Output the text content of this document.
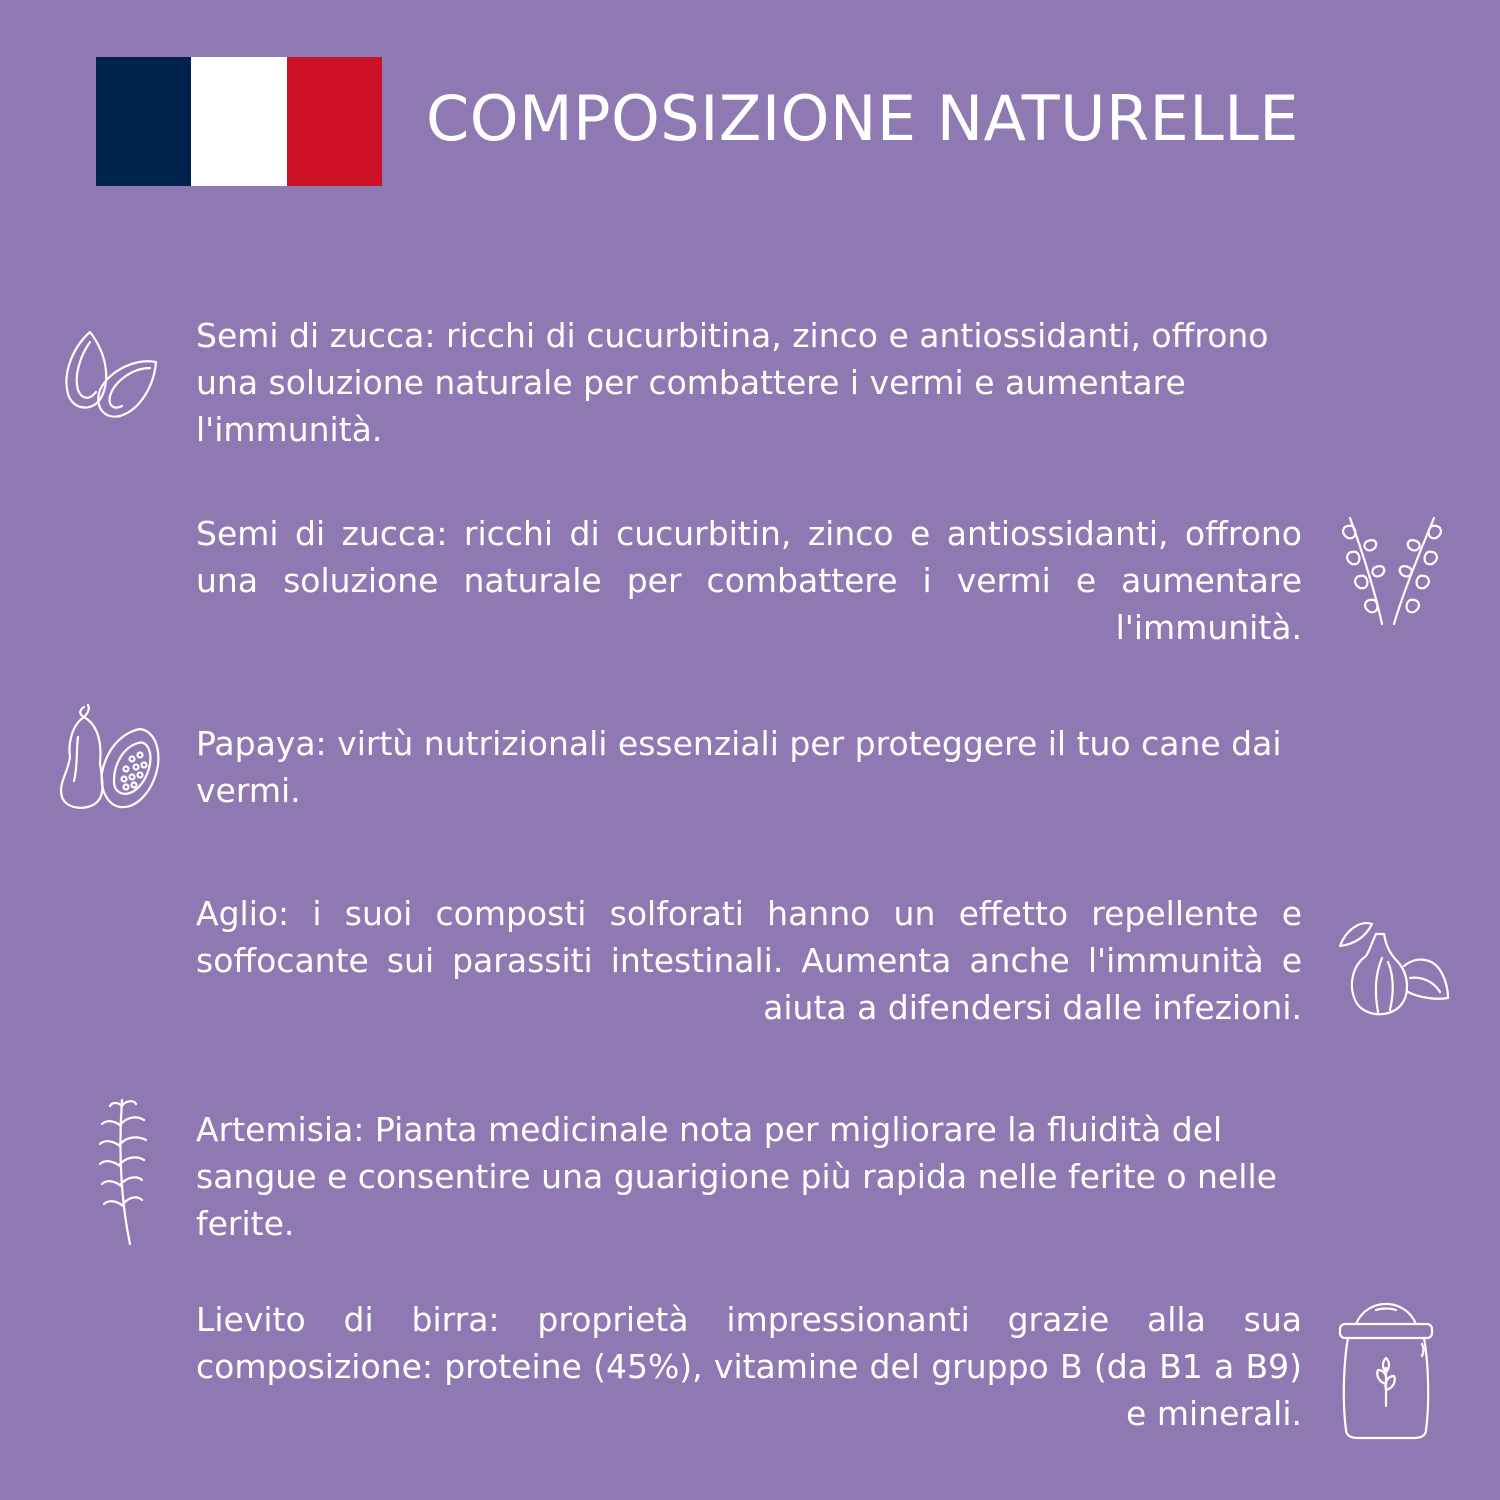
COMPOSIZIONE NATURELLE
Semi di zucca: ricchi di cucurbitina, zinco e antiossidanti, offrono una soluzione naturale per combattere i vermi e aumentare l'immunità.
Semi di zucca: ricchi di cucurbitin, zinco e antiossidanti, offrono una soluzione naturale per combattere i vermi e aumentare l'immunità.
Papaya: virtù nutrizionali essenziali per proteggere il tuo cane dai vermi.
Aglio: i suoi composti solforati hanno un effetto repellente e soffocante sui parassiti intestinali. Aumenta anche l'immunità e aiuta a difendersi dalle infezioni.
Artemisia: Pianta medicinale nota per migliorare la fluidità del sangue e consentire una guarigione più rapida nelle ferite o nelle ferite.
Lievito di birra: proprietà impressionanti grazie alla sua composizione: proteine (45%), vitamine del gruppo B (da B1 a B9) e minerali.
